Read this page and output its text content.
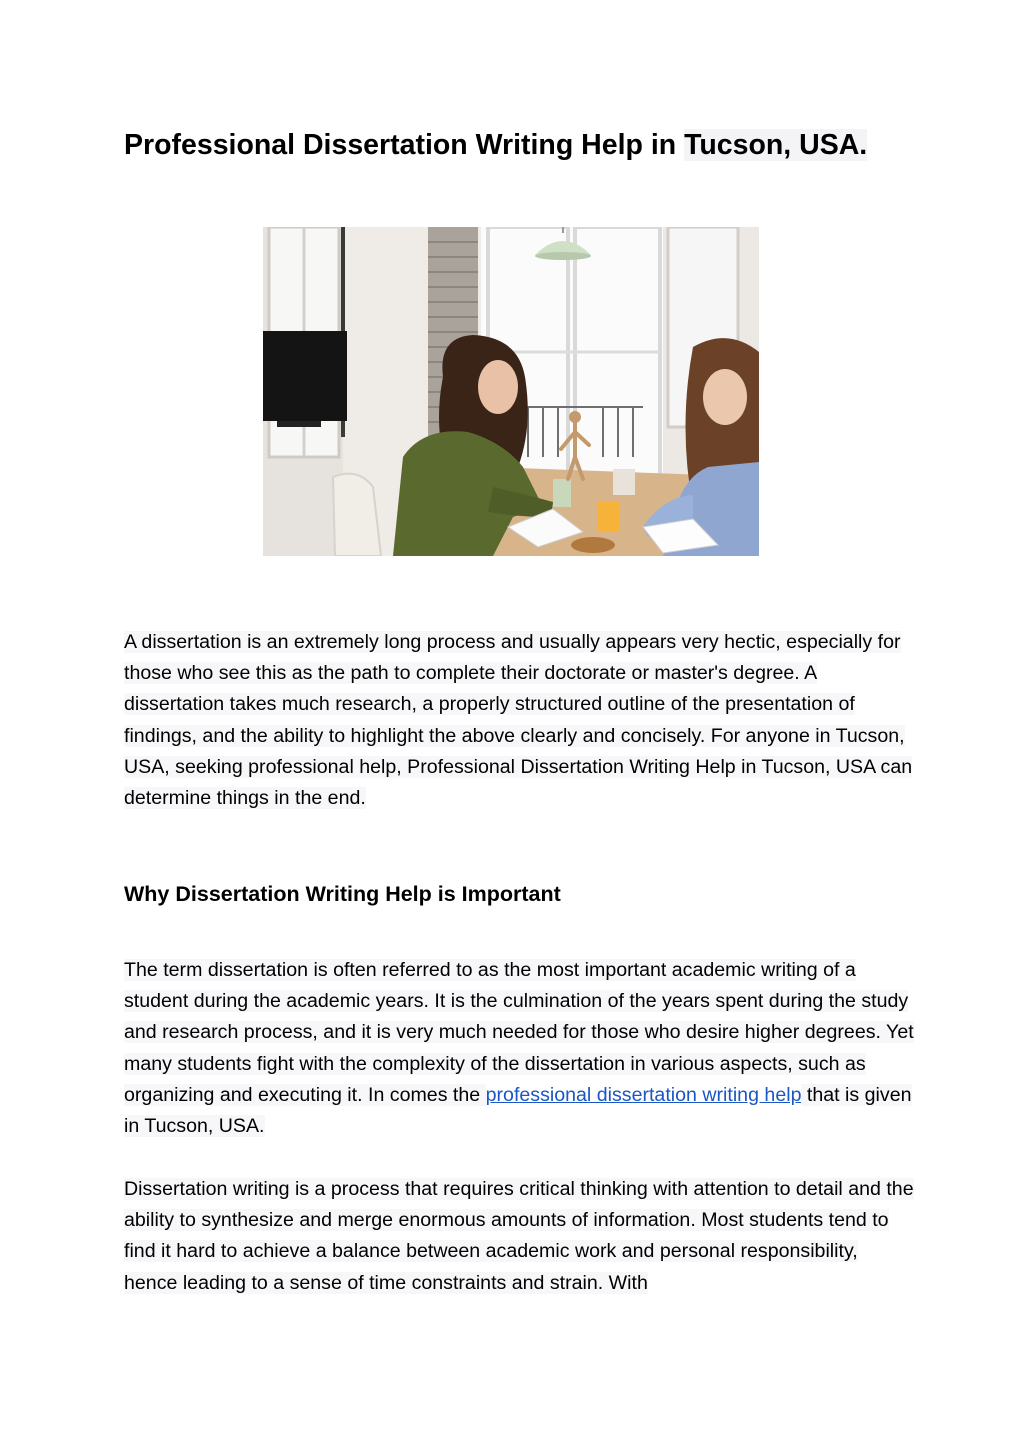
Professional Dissertation Writing Help in Tucson, USA.

A dissertation is an extremely long process and usually appears very hectic, especially for those who see this as the path to complete their doctorate or master's degree. A dissertation takes much research, a properly structured outline of the presentation of findings, and the ability to highlight the above clearly and concisely. For anyone in Tucson, USA, seeking professional help, Professional Dissertation Writing Help in Tucson, USA can determine things in the end.

Why Dissertation Writing Help is Important

The term dissertation is often referred to as the most important academic writing of a student during the academic years. It is the culmination of the years spent during the study and research process, and it is very much needed for those who desire higher degrees. Yet many students fight with the complexity of the dissertation in various aspects, such as organizing and executing it. In comes the professional dissertation writing help that is given in Tucson, USA.

Dissertation writing is a process that requires critical thinking with attention to detail and the ability to synthesize and merge enormous amounts of information. Most students tend to find it hard to achieve a balance between academic work and personal responsibility, hence leading to a sense of time constraints and strain. With
